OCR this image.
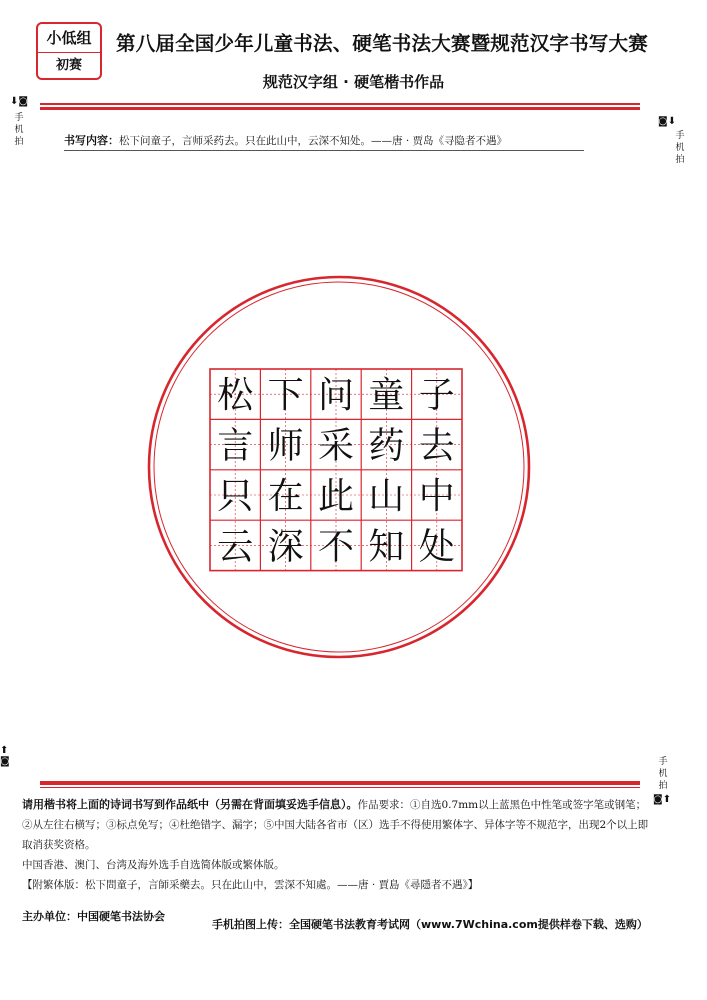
小低组
初赛
第八届全国少年儿童书法、硬笔书法大赛暨规范汉字书写大赛
规范汉字组 · 硬笔楷书作品
⬇◙
手
机
拍
◙⬇
手
机
拍
书写内容：松下问童子，言师采药去。只在此山中，云深不知处。——唐 · 贾岛《寻隐者不遇》
松 下 问 童 子
言 师 采 药 去
只 在 此 山 中
云 深 不 知 处
⬆
◙	手
机
拍
◙⬆
请用楷书将上面的诗词书写到作品纸中（另需在背面填妥选手信息）。作品要求：①自选0.7mm以上蓝黑色中性笔或签字笔或钢笔；②从左往右横写；③标点免写；④杜绝错字、漏字；⑤中国大陆各省市（区）选手不得使用繁体字、异体字等不规范字，出现2个以上即取消获奖资格。
中国香港、澳门、台湾及海外选手自选简体版或繁体版。
【附繁体版：松下問童子，言師采藥去。只在此山中，雲深不知處。——唐 · 賈島《尋隱者不遇》】
主办单位：中国硬笔书法协会
手机拍图上传：全国硬笔书法教育考试网（www.7Wchina.com提供样卷下载、选购）
